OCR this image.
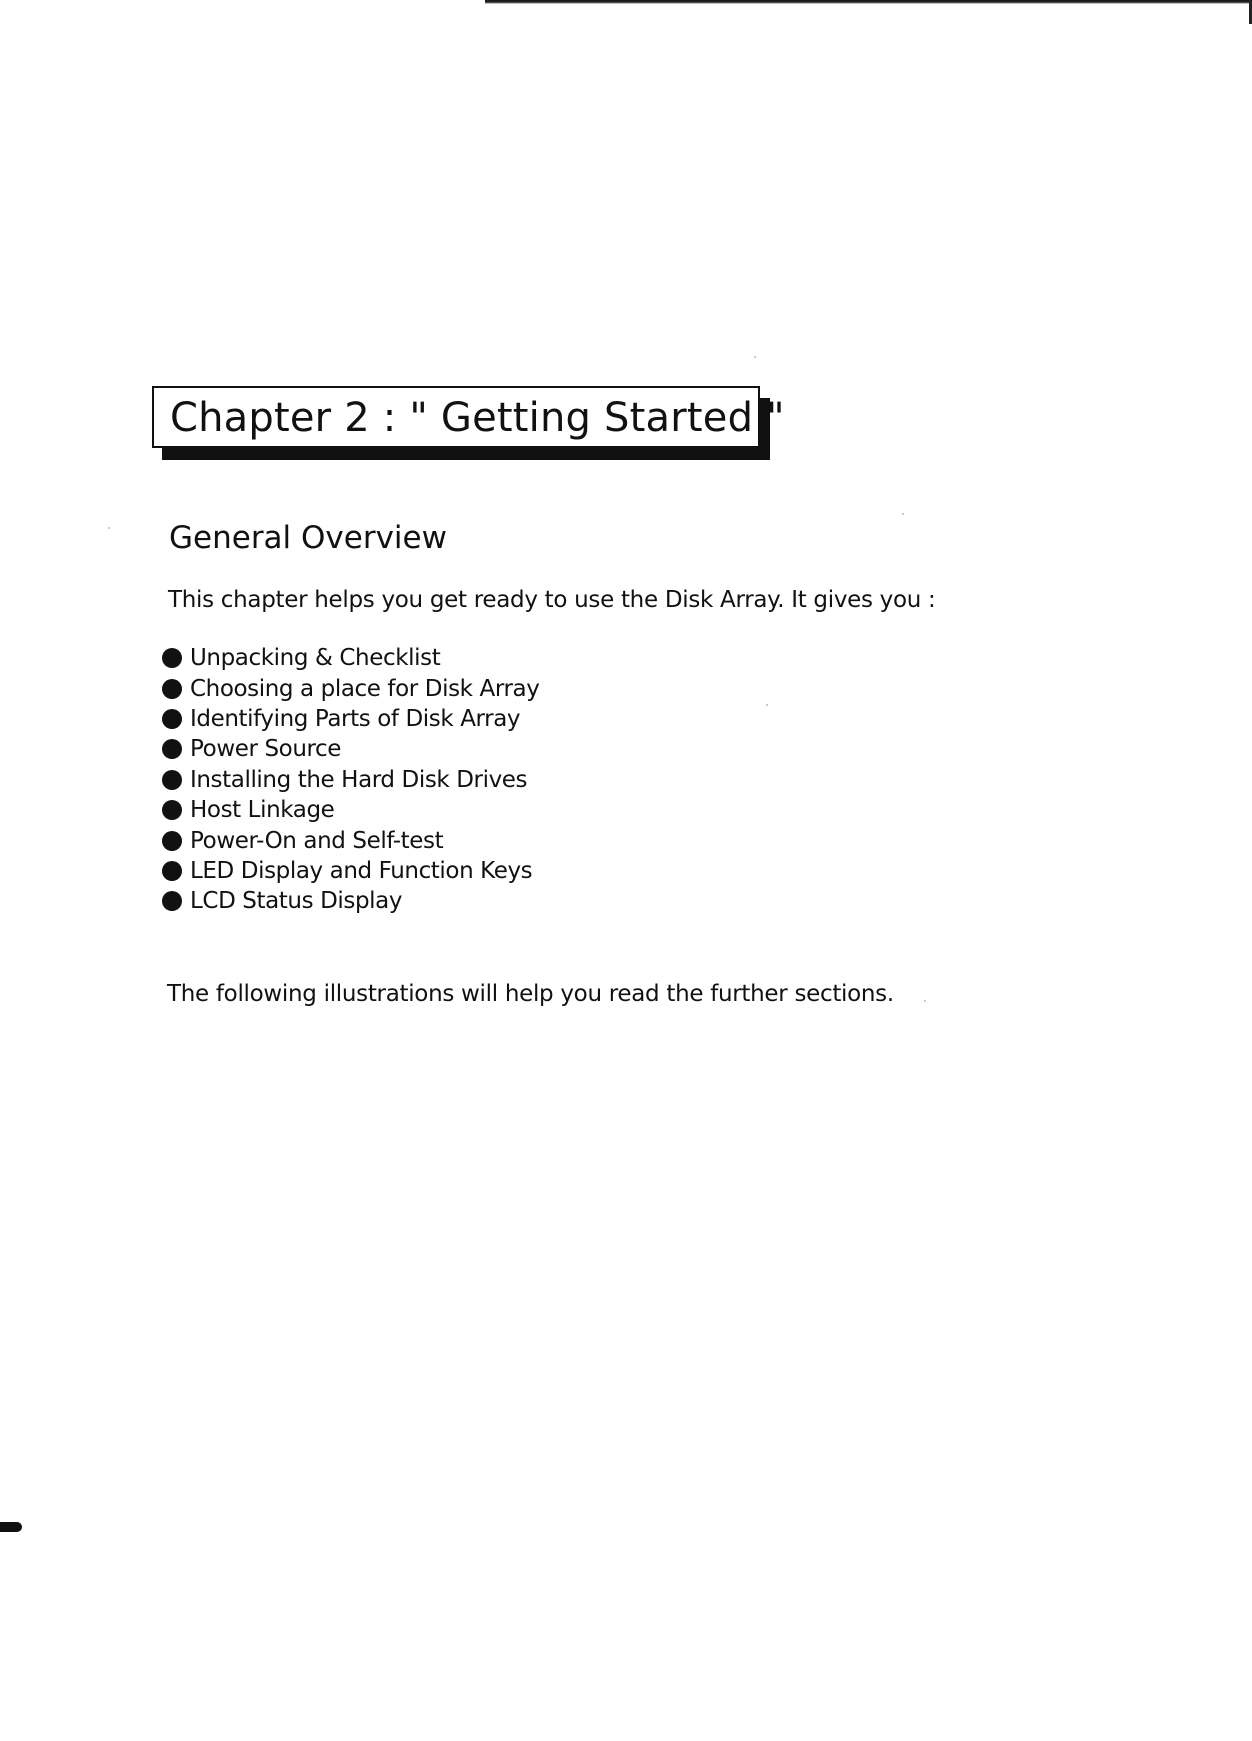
Chapter 2 : " Getting Started "
General Overview
This chapter helps you get ready to use the Disk Array. It gives you :
Unpacking & Checklist
Choosing a place for Disk Array
Identifying Parts of Disk Array
Power Source
Installing the Hard Disk Drives
Host Linkage
Power-On and Self-test
LED Display and Function Keys
LCD Status Display
The following illustrations will help you read the further sections.
